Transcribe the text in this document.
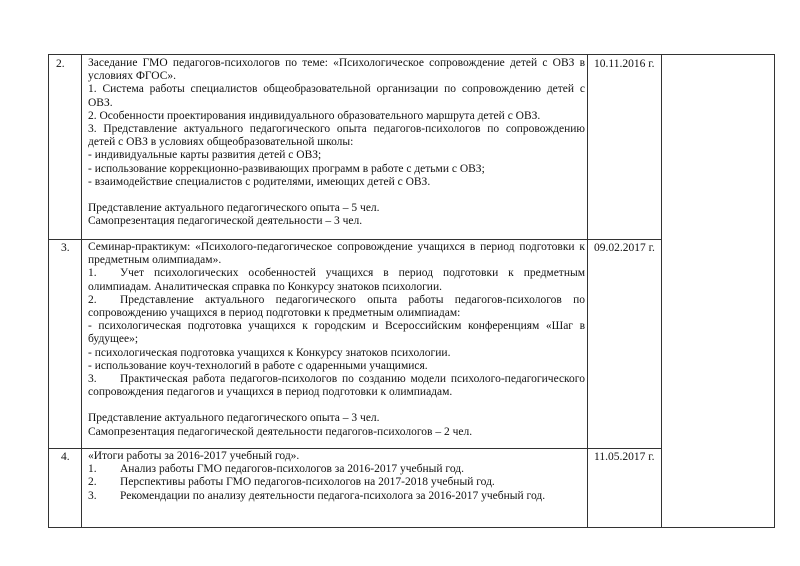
2. Заседание ГМО педагогов-психологов по теме: «Психологическое сопровождение детей с ОВЗ в
условиях ФГОС».
1. Система работы специалистов общеобразовательной организации по сопровождению детей с
ОВЗ.
2. Особенности проектирования индивидуального образовательного маршрута детей с ОВЗ.
3. Представление актуального педагогического опыта педагогов-психологов по сопровождению
детей с ОВЗ в условиях общеобразовательной школы:
- индивидуальные карты развития детей с ОВЗ;
- использование коррекционно-развивающих программ в работе с детьми с ОВЗ;
- взаимодействие специалистов с родителями, имеющих детей с ОВЗ.
Представление актуального педагогического опыта – 5 чел.
Самопрезентация педагогической деятельности – 3 чел.
10.11.2016 г.
3. Семинар-практикум: «Психолого-педагогическое сопровождение учащихся в период подготовки к
предметным олимпиадам».
1.	Учет психологических особенностей учащихся в период подготовки к предметным
олимпиадам. Аналитическая справка по Конкурсу знатоков психологии.
2.	Представление актуального педагогического опыта работы педагогов-психологов по
сопровождению учащихся в период подготовки к предметным олимпиадам:
- психологическая подготовка учащихся к городским и Всероссийским конференциям «Шаг в
будущее»;
- психологическая подготовка учащихся к Конкурсу знатоков психологии.
- использование коуч-технологий в работе с одаренными учащимися.
3.	Практическая работа педагогов-психологов по созданию модели психолого-педагогического
сопровождения педагогов и учащихся в период подготовки к олимпиадам.
Представление актуального педагогического опыта – 3 чел.
Самопрезентация педагогической деятельности педагогов-психологов – 2 чел.
09.02.2017 г.
4. «Итоги работы за 2016-2017 учебный год».
1.	Анализ работы ГМО педагогов-психологов за 2016-2017 учебный год.
2.	Перспективы работы ГМО педагогов-психологов на 2017-2018 учебный год.
3.	Рекомендации по анализу деятельности педагога-психолога за 2016-2017 учебный год.
11.05.2017 г.
